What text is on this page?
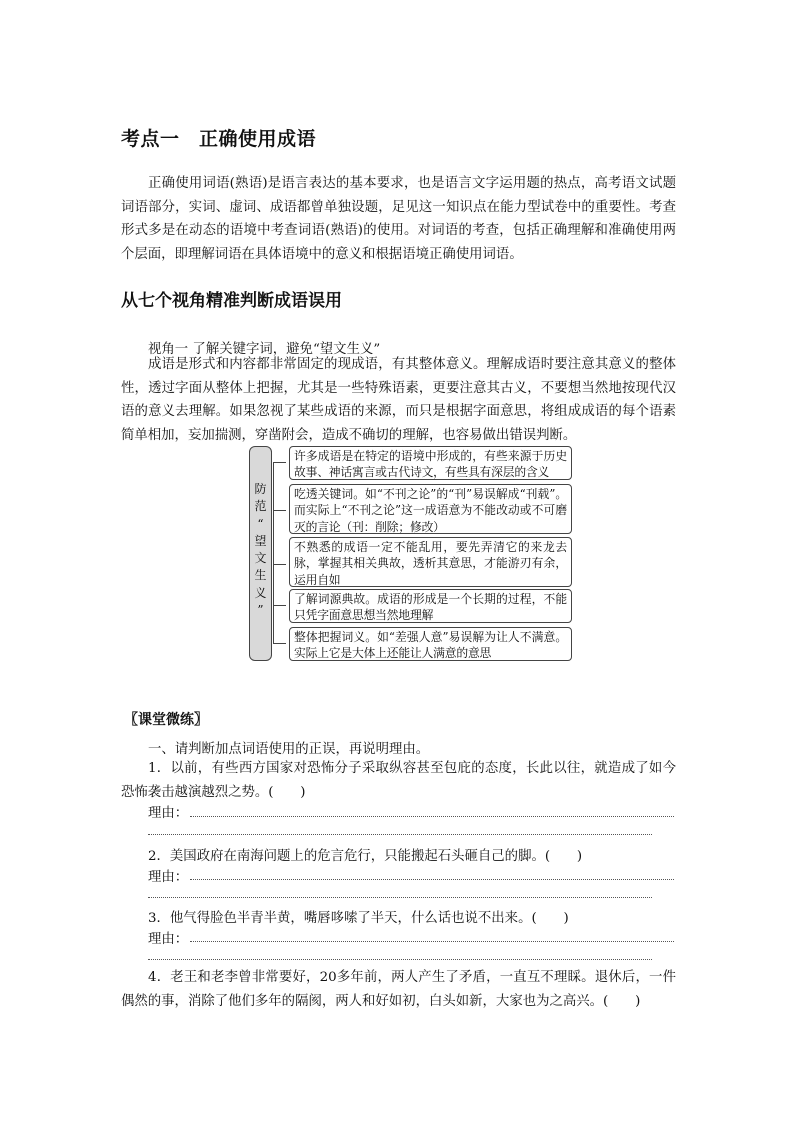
考点一　正确使用成语

正确使用词语(熟语)是语言表达的基本要求，也是语言文字运用题的热点，高考语文试题词语部分，实词、虚词、成语都曾单独设题，足见这一知识点在能力型试卷中的重要性。考查形式多是在动态的语境中考查词语(熟语)的使用。对词语的考查，包括正确理解和准确使用两个层面，即理解词语在具体语境中的意义和根据语境正确使用词语。

从七个视角精准判断成语误用
视角一 了解关键字词，避免“望文生义”

成语是形式和内容都非常固定的现成语，有其整体意义。理解成语时要注意其意义的整体性，透过字面从整体上把握，尤其是一些特殊语素，更要注意其古义，不要想当然地按现代汉语的意义去理解。如果忽视了某些成语的来源，而只是根据字面意思，将组成成语的每个语素简单相加，妄加揣测，穿凿附会，造成不确切的理解，也容易做出错误判断。

防
范
“
望
文
生
义
”
许多成语是在特定的语境中形成的，有些来源于历史故事、神话寓言或古代诗文，有些具有深层的含义
吃透关键词。如“不刊之论”的“刊”易误解成“刊载”。而实际上“不刊之论”这一成语意为不能改动或不可磨灭的言论（刊：削除；修改）
不熟悉的成语一定不能乱用，要先弄清它的来龙去脉，掌握其相关典故，透析其意思，才能游刃有余，运用自如
了解词源典故。成语的形成是一个长期的过程，不能只凭字面意思想当然地理解
整体把握词义。如“差强人意”易误解为让人不满意。实际上它是大体上还能让人满意的意思
〖课堂微练〗
一、请判断加点词语使用的正误，再说明理由。

1．以前，有些西方国家对恐怖分子采取纵容甚至包庇的态度，长此以往，就造成了如今恐怖袭击越演越烈之势。(　　)

理由：
2．美国政府在南海问题上的危言危行，只能搬起石头砸自己的脚。(　　)
理由：
3．他气得脸色半青半黄，嘴唇哆嗦了半天，什么话也说不出来。(　　)
理由：

4．老王和老李曾非常要好，20多年前，两人产生了矛盾，一直互不理睬。退休后，一件偶然的事，消除了他们多年的隔阂，两人和好如初，白头如新，大家也为之高兴。(　　)
